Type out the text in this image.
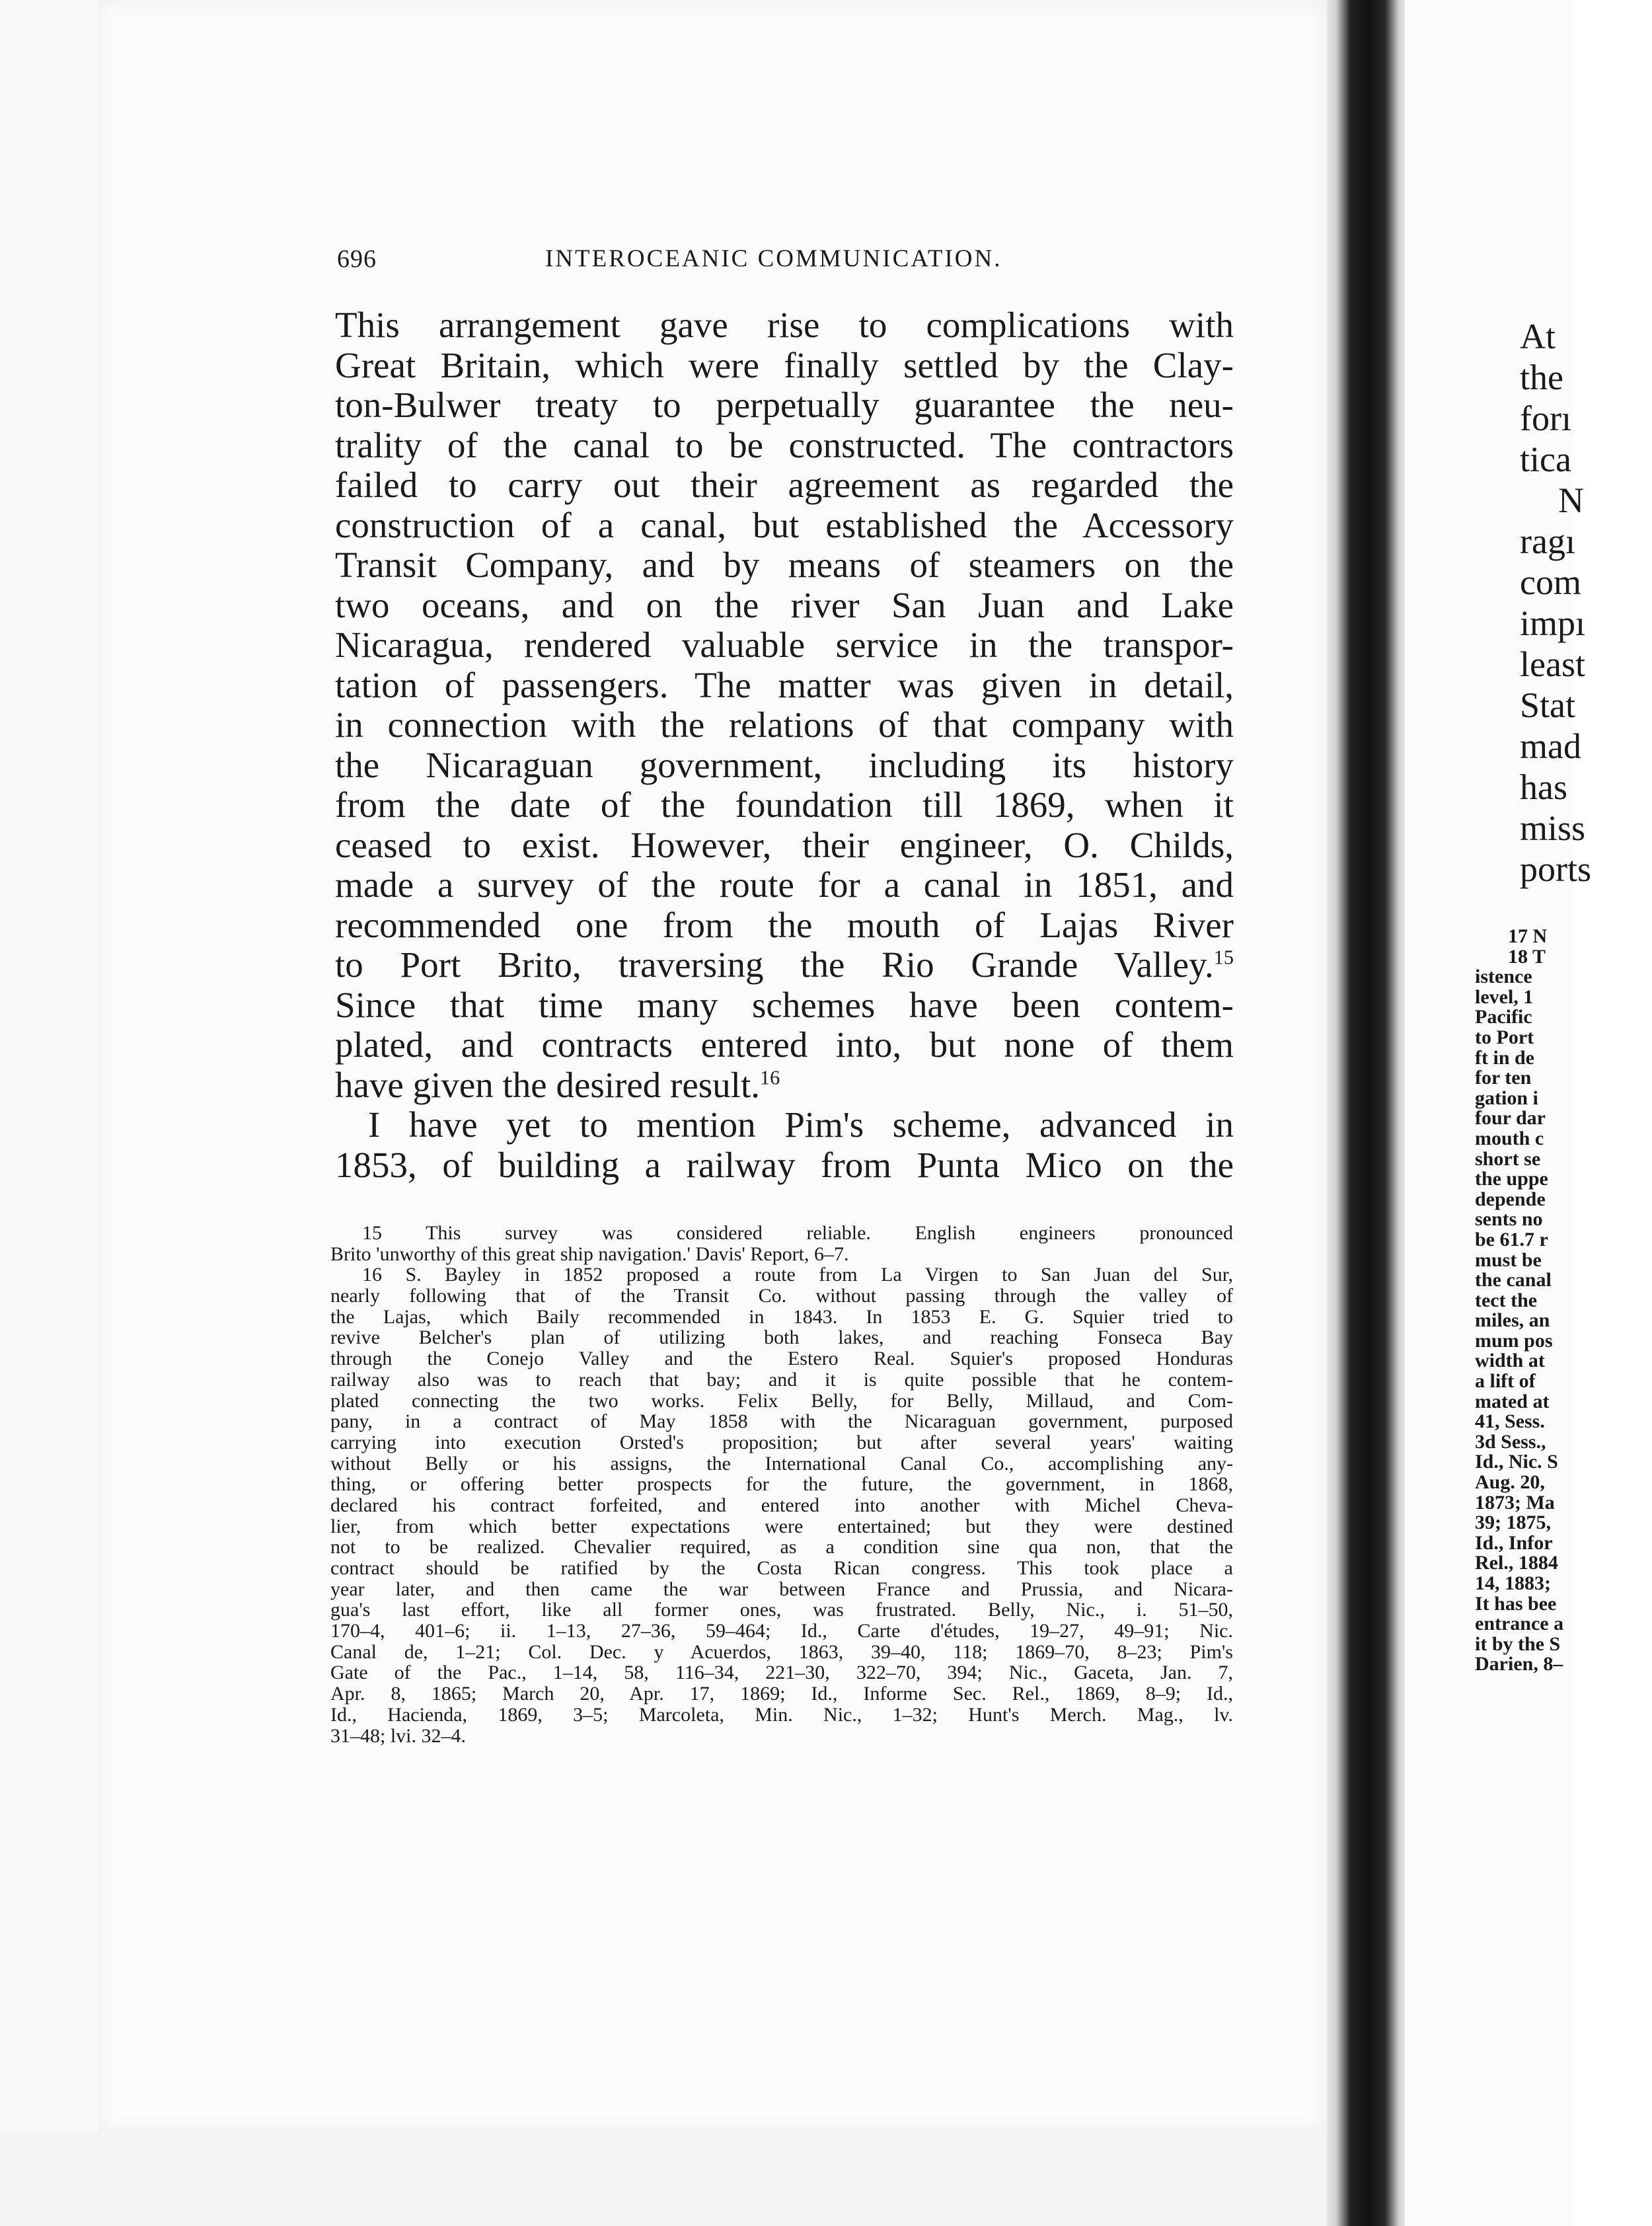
696	INTEROCEANIC COMMUNICATION.
This arrangement gave rise to complications with
Great Britain, which were finally settled by the Clay-
ton-Bulwer treaty to perpetually guarantee the neu-
trality of the canal to be constructed. The contractors
failed to carry out their agreement as regarded the
construction of a canal, but established the Accessory
Transit Company, and by means of steamers on the
two oceans, and on the river San Juan and Lake
Nicaragua, rendered valuable service in the transpor-
tation of passengers. The matter was given in detail,
in connection with the relations of that company with
the Nicaraguan government, including its history
from the date of the foundation till 1869, when it
ceased to exist. However, their engineer, O. Childs,
made a survey of the route for a canal in 1851, and
recommended one from the mouth of Lajas River
to Port Brito, traversing the Rio Grande Valley.$^{15}$
Since that time many schemes have been contem-
plated, and contracts entered into, but none of them
have given the desired result.$^{16}$
I have yet to mention Pim's scheme, advanced in
1853, of building a railway from Punta Mico on the
15 This survey was considered reliable. English engineers pronounced
Brito 'unworthy of this great ship navigation.' Davis' Report, 6–7.
16 S. Bayley in 1852 proposed a route from La Virgen to San Juan del Sur,
nearly following that of the Transit Co. without passing through the valley of
the Lajas, which Baily recommended in 1843. In 1853 E. G. Squier tried to
revive Belcher's plan of utilizing both lakes, and reaching Fonseca Bay
through the Conejo Valley and the Estero Real. Squier's proposed Honduras
railway also was to reach that bay; and it is quite possible that he contem-
plated connecting the two works. Felix Belly, for Belly, Millaud, and Com-
pany, in a contract of May 1858 with the Nicaraguan government, purposed
carrying into execution Orsted's proposition; but after several years' waiting
without Belly or his assigns, the International Canal Co., accomplishing any-
thing, or offering better prospects for the future, the government, in 1868,
declared his contract forfeited, and entered into another with Michel Cheva-
lier, from which better expectations were entertained; but they were destined
not to be realized. Chevalier required, as a condition sine qua non, that the
contract should be ratified by the Costa Rican congress. This took place a
year later, and then came the war between France and Prussia, and Nicara-
gua's last effort, like all former ones, was frustrated. Belly, Nic., i. 51–50,
170–4, 401–6; ii. 1–13, 27–36, 59–464; Id., Carte d'études, 19–27, 49–91; Nic.
Canal de, 1–21; Col. Dec. y Acuerdos, 1863, 39–40, 118; 1869–70, 8–23; Pim's
Gate of the Pac., 1–14, 58, 116–34, 221–30, 322–70, 394; Nic., Gaceta, Jan. 7,
Apr. 8, 1865; March 20, Apr. 17, 1869; Id., Informe Sec. Rel., 1869, 8–9; Id.,
Id., Hacienda, 1869, 3–5; Marcoleta, Min. Nic., 1–32; Hunt's Merch. Mag., lv.
31–48; lvi. 32–4.
At
the
forı
tica
N
ragı
com
impı
least
Stat
mad
has
miss
ports
17 N
18 T
istence
level, 1
Pacific
to Port
ft in de
for ten
gation i
four dar
mouth c
short se
the uppe
depende
sents no
be 61.7 r
must be
the canal
tect the
miles, an
mum pos
width at
a lift of
mated at
41, Sess.
3d Sess.,
Id., Nic. S
Aug. 20,
1873; Ma
39; 1875,
Id., Infor
Rel., 1884
14, 1883;
It has bee
entrance a
it by the S
Darien, 8–
